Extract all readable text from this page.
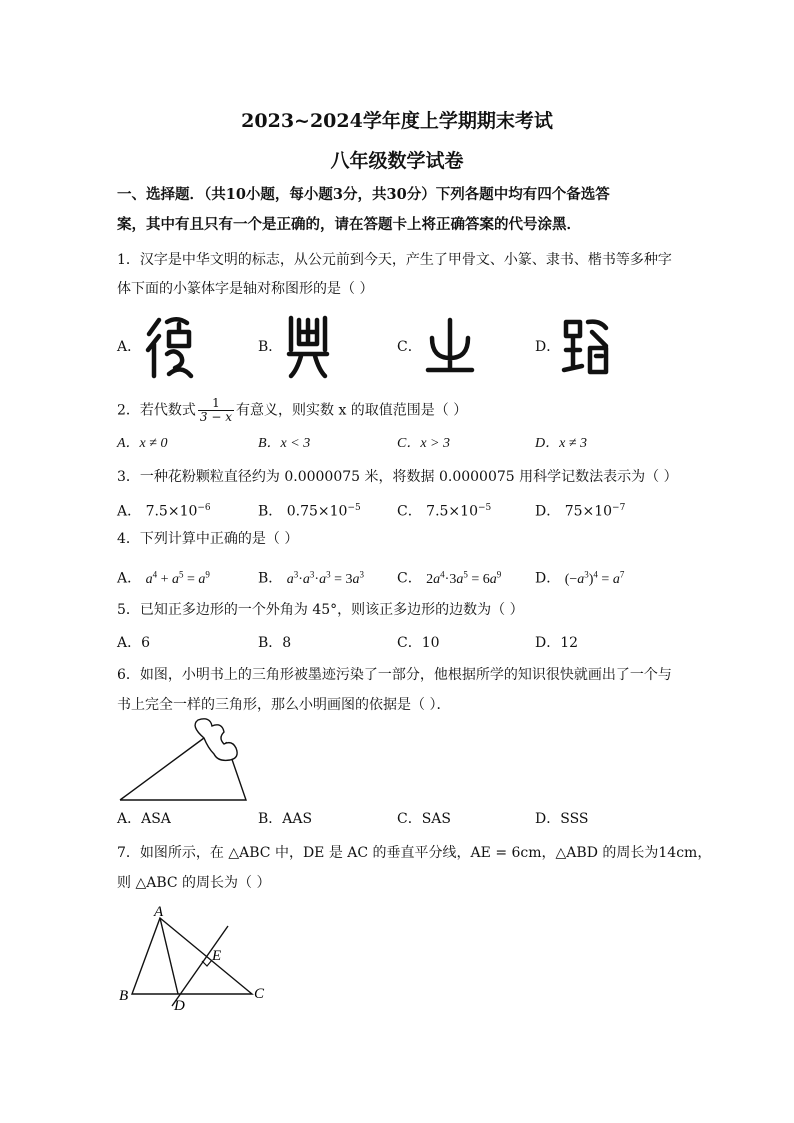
2023~2024学年度上学期期末考试
八年级数学试卷
一、选择题．（共10小题，每小题3分，共30分）下列各题中均有四个备选答
案，其中有且只有一个是正确的，请在答题卡上将正确答案的代号涂黑．
1．汉字是中华文明的标志，从公元前到今天，产生了甲骨文、小篆、隶书、楷书等多种字
体下面的小篆体字是轴对称图形的是（ ）
A．	B．	C．	D．
2．若代数式 $\frac{1}{3 - x}$ 有意义，则实数 x 的取值范围是（ ）
A．x ≠ 0	B．x < 3	C．x > 3	D．x ≠ 3
3．一种花粉颗粒直径约为 0.0000075 米，将数据 0.0000075 用科学记数法表示为（ ）
A． $7.5\times 10^{-6}$	B． $0.75\times 10^{-5}$	C． $7.5\times 10^{-5}$	D． $75\times 10^{-7}$
4．下列计算中正确的是（ ）
A． $a^4 + a^5 = a^9$	B． $a^3\cdot a^3\cdot a^3 = 3a^3$ C． $2a^4\cdot 3a^5 = 6a^9$ D． $(-a^3)^4 = a^7$
5．已知正多边形的一个外角为 45°，则该正多边形的边数为（ ）
A．6	B．8	C．10	D．12
6．如图，小明书上的三角形被墨迹污染了一部分，他根据所学的知识很快就画出了一个与
书上完全一样的三角形，那么小明画图的依据是（ ）．
A．ASA	B．AAS	C．SAS	D．SSS
7．如图所示，在 △ABC 中，DE 是 AC 的垂直平分线，AE = 6cm，△ABD 的周长为14cm，
则 △ABC 的周长为（ ）
A
B	C
D
E
